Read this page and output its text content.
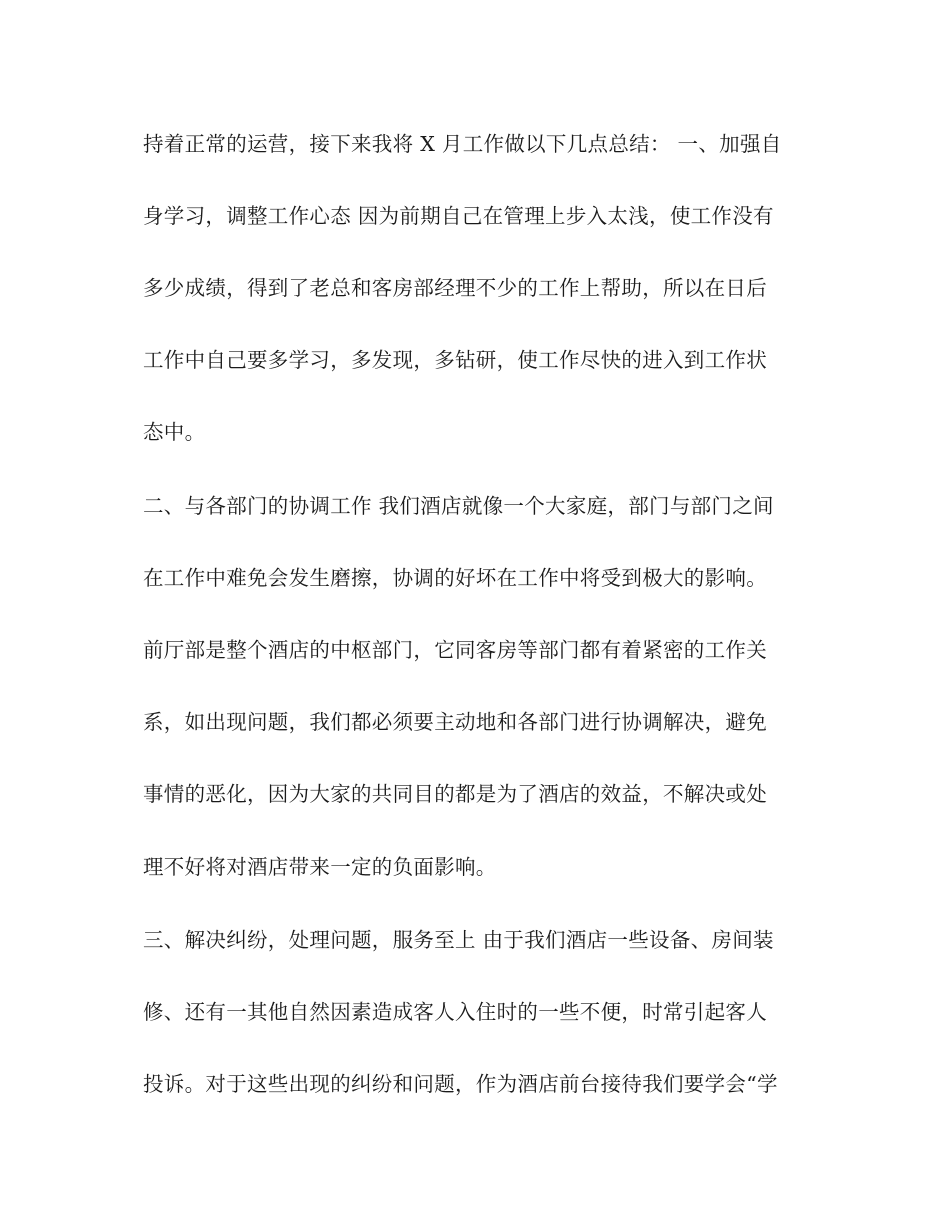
持着正常的运营，接下来我将 X 月工作做以下几点总结： 一、加强自
身学习，调整工作心态 因为前期自己在管理上步入太浅，使工作没有
多少成绩，得到了老总和客房部经理不少的工作上帮助，所以在日后
工作中自己要多学习，多发现，多钻研，使工作尽快的进入到工作状
态中。
二、与各部门的协调工作 我们酒店就像一个大家庭，部门与部门之间
在工作中难免会发生磨擦，协调的好坏在工作中将受到极大的影响。
前厅部是整个酒店的中枢部门，它同客房等部门都有着紧密的工作关
系，如出现问题，我们都必须要主动地和各部门进行协调解决，避免
事情的恶化，因为大家的共同目的都是为了酒店的效益，不解决或处
理不好将对酒店带来一定的负面影响。
三、解决纠纷，处理问题，服务至上 由于我们酒店一些设备、房间装
修、还有一其他自然因素造成客人入住时的一些不便，时常引起客人
投诉。对于这些出现的纠纷和问题，作为酒店前台接待我们要学会“学
